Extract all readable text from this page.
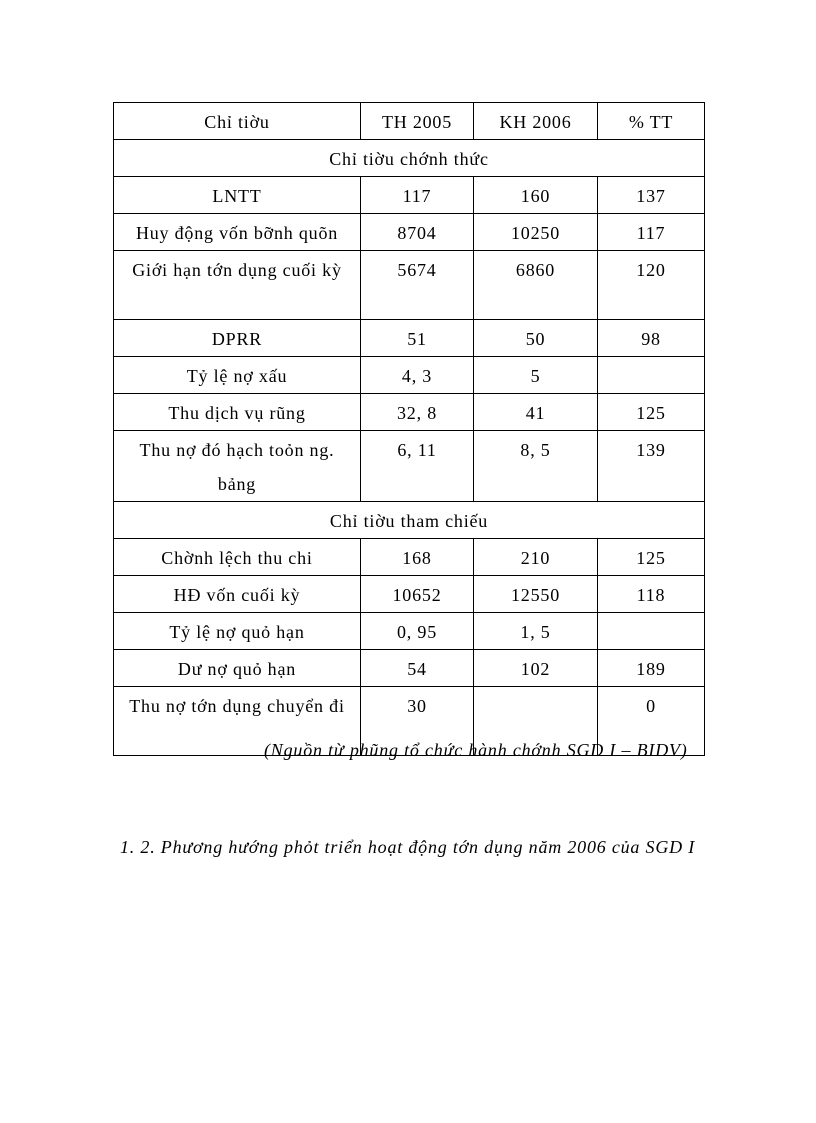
Chỉ tiờu	TH 2005	KH 2006	% TT
Chỉ tiờu chớnh thức			
LNTT	117	160	137
Huy động vốn bỡnh quõn	8704	10250	117
Giới hạn tớn dụng cuối kỳ	5674	6860	120
DPRR	51	50	98
Tỷ lệ nợ xấu	4, 3	5	
Thu dịch vụ rũng	32, 8	41	125
Thu nợ đó hạch toỏn ng. bảng	6, 11	8, 5	139
Chỉ tiờu tham chiếu			
Chờnh lệch thu chi	168	210	125
HĐ vốn cuối kỳ	10652	12550	118
Tỷ lệ nợ quỏ hạn	0, 95	1, 5	
Dư nợ quỏ hạn	54	102	189
Thu nợ tớn dụng chuyển đi	30		0
(Nguồn từ phũng tổ chức hành chớnh SGD I – BIDV)
1. 2. Phương hướng phỏt triển hoạt động tớn dụng năm 2006 của SGD I
